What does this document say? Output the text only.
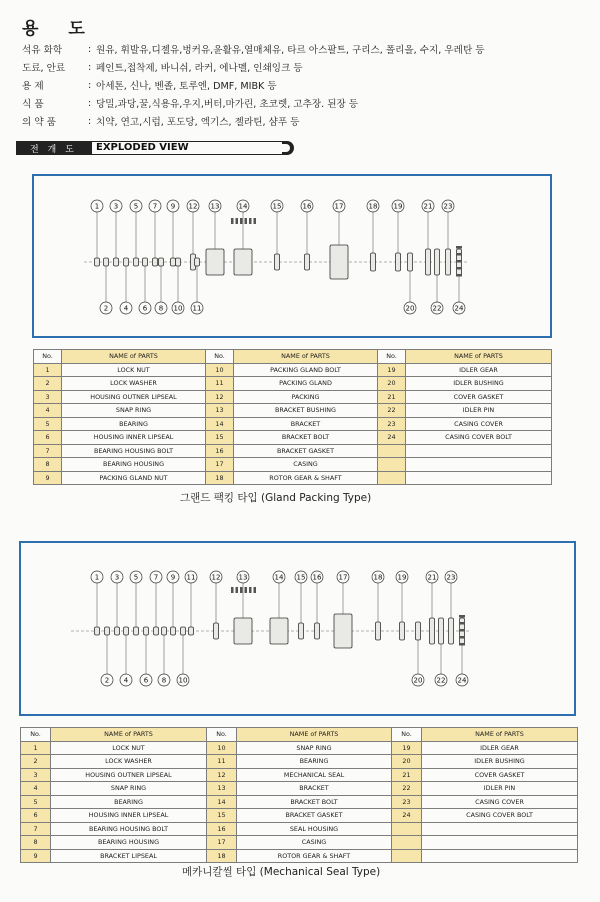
용 도
석유 화학	: 원유, 휘발유,디젤유,벙커유,윤활유,열매체유, 타르 아스팔트, 구리스, 폴리올, 수지, 우레탄 등
도료, 안료	: 페인트,접착제, 바니쉬, 라커, 에나멜, 인쇄잉크 등
용 제	: 아세톤, 신나, 벤졸, 토루엔, DMF, MIBK 등
식 품	: 당밀,과당,꿀,식용유,우지,버터,마가린, 초코렛, 고추장. 된장 등
의 약 품	: 치약, 연고,시럽, 포도당, 엑기스, 젤라틴, 샴푸 등
전 개 도	EXPLODED VIEW
1 3 5 7 9 12 13	14	15	16	17	18 19	21 23
2 4 6 8 10 11	20	22 24
No.	NAME of PARTS	No.	NAME of PARTS	No.	NAME of PARTS
1	LOCK NUT	10	PACKING GLAND BOLT	19	IDLER GEAR
2	LOCK WASHER	11	PACKING GLAND	20	IDLER BUSHING
3	HOUSING OUTNER LIPSEAL	12	PACKING	21	COVER GASKET
4	SNAP RING	13	BRACKET BUSHING	22	IDLER PIN
5	BEARING	14	BRACKET	23	CASING COVER
6	HOUSING INNER LIPSEAL	15	BRACKET BOLT	24	CASING COVER BOLT
7	BEARING HOUSING BOLT	16	BRACKET GASKET		
8	BEARING HOUSING	17	CASING		
9	PACKING GLAND NUT	18	ROTOR GEAR & SHAFT		
그랜드 팩킹 타입 (Gland Packing Type)
1 3 5 7 9 11 12	13	14 15 16 17	18 19	21 23
2 4 6 8 10	20 22 24
No.	NAME of PARTS	No.	NAME of PARTS	No.	NAME of PARTS
1	LOCK NUT	10	SNAP RING	19	IDLER GEAR
2	LOCK WASHER	11	BEARING	20	IDLER BUSHING
3	HOUSING OUTNER LIPSEAL	12	MECHANICAL SEAL	21	COVER GASKET
4	SNAP RING	13	BRACKET	22	IDLER PIN
5	BEARING	14	BRACKET BOLT	23	CASING COVER
6	HOUSING INNER LIPSEAL	15	BRACKET GASKET	24	CASING COVER BOLT
7	BEARING HOUSING BOLT	16	SEAL HOUSING		
8	BEARING HOUSING	17	CASING		
9	BRACKET LIPSEAL	18	ROTOR GEAR & SHAFT		
메카니칼씰 타입 (Mechanical Seal Type)
